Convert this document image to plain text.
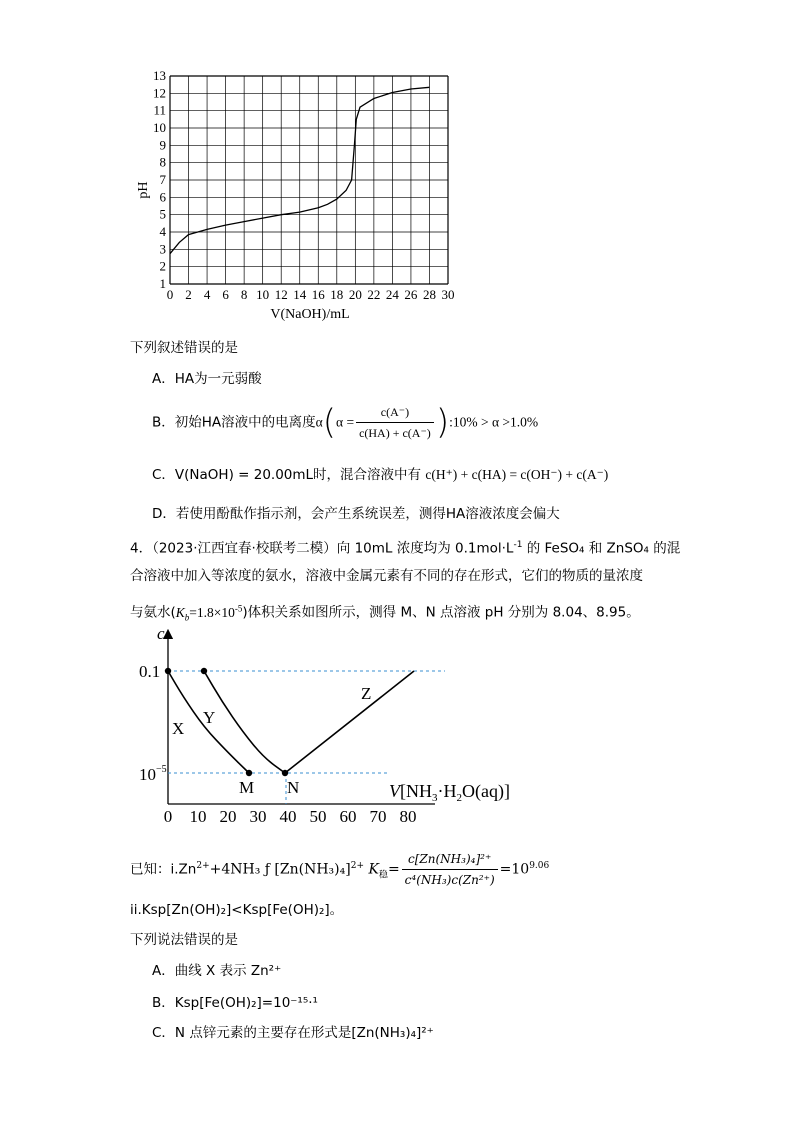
0 2 4 6 8 10 12 14 16 18 20 22 24 26 28 30
1
2
3
4
5
6
7
8
9
10
11
12
13
pH
V(NaOH)/mL
下列叙述错误的是
A．HA为一元弱酸
B．初始HA溶液中的电离度$\alpha(\alpha = \frac{c(A^-)}{c(HA) + c(A^-)}$ ):10% > α >1.0%
C．V(NaOH) = 20.00mL时，混合溶液中有 c(H⁺) + c(HA) = c(OH⁻) + c(A⁻)
D．若使用酚酞作指示剂，会产生系统误差，测得HA溶液浓度会偏大
4．（2023·江西宜春·校联考二模）向 10mL 浓度均为 $0.1mol\cdot L^{-1}$ 的 FeSO₄ 和 ZnSO₄ 的混
合溶液中加入等浓度的氨水，溶液中金属元素有不同的存在形式，它们的物质的量浓度
与氨水$(K_b=1.8\times 10^{-5})$体积关系如图所示，测得 M、N 点溶液 pH 分别为 8.04、8.95。
0 10 20 30 40 50 60 70 80
c
0.1
$10^{-5}$
X
Y
Z
M N	$V[NH_3\cdot H_2O(aq)]$
已知：$i.Zn^{2+}+4NH_3$ ƒ $[Zn(NH_3)_4]^{2+}$ $K_稳= \frac{\text{c[Zn(NH₃)₄]²⁺}}{\text{c⁴(NH₃)c(Zn²⁺)}} =10^{9.06}$
ii.Ksp[Zn(OH)₂]<Ksp[Fe(OH)₂]。
下列说法错误的是
A．曲线 X 表示 Zn²⁺
B．Ksp[Fe(OH)₂]=10⁻¹⁵·¹
C．N 点锌元素的主要存在形式是[Zn(NH₃)₄]²⁺
